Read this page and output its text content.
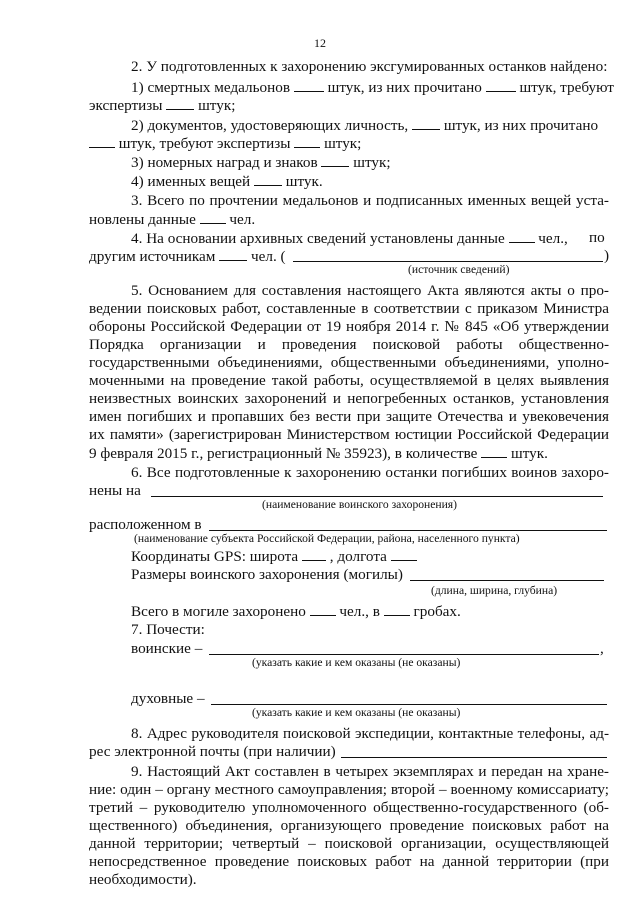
12
2. У подготовленных к захоронению эксгумированных останков найдено:
1) смертных медальонов штук, из них прочитано штук, требуют
экспертизы штук;
2) документов, удостоверяющих личность, штук, из них прочитано
штук, требуют экспертизы штук;
3) номерных наград и знаков штук;
4) именных вещей штук.
3. Всего по прочтении медальонов и подписанных именных вещей уста-
новлены данные чел.
4. На основании архивных сведений установлены данные чел.,	по
другим источникам чел. (	)
(источник сведений)
5. Основанием для составления настоящего Акта являются акты о про-
ведении поисковых работ, составленные в соответствии с приказом Министра
обороны Российской Федерации от 19 ноября 2014 г. № 845 «Об утверждении
Порядка организации и проведения поисковой работы общественно-
государственными объединениями, общественными объединениями, уполно-
моченными на проведение такой работы, осуществляемой в целях выявления
неизвестных воинских захоронений и непогребенных останков, установления
имен погибших и пропавших без вести при защите Отечества и увековечения
их памяти» (зарегистрирован Министерством юстиции Российской Федерации
9 февраля 2015 г., регистрационный № 35923), в количестве штук.
6. Все подготовленные к захоронению останки погибших воинов захоро-
нены на
(наименование воинского захоронения)
расположенном в
(наименование субъекта Российской Федерации, района, населенного пункта)
Координаты GPS: широта , долгота
Размеры воинского захоронения (могилы)
(длина, ширина, глубина)
Всего в могиле захоронено чел., в гробах.
7. Почести:
воинские –	,
(указать какие и кем оказаны (не оказаны)
духовные –
(указать какие и кем оказаны (не оказаны)
8. Адрес руководителя поисковой экспедиции, контактные телефоны, ад-
рес электронной почты (при наличии)
9. Настоящий Акт составлен в четырех экземплярах и передан на хране-
ние: один – органу местного самоуправления; второй – военному комиссариату;
третий – руководителю уполномоченного общественно-государственного (об-
щественного) объединения, организующего проведение поисковых работ на
данной территории; четвертый – поисковой организации, осуществляющей
непосредственное проведение поисковых работ на данной территории (при
необходимости).
